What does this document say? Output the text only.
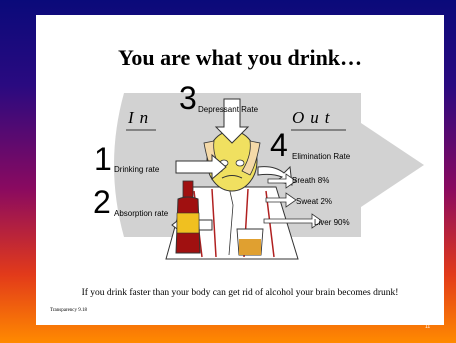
You are what you drink…
In	Out
1 Drinking rate
2 Absorption rate
3 Depressant Rate
4 Elimination Rate
Breath 8%
Sweat 2%
Liver 90%

If you drink faster than your body can get rid of alcohol your brain becomes drunk!

Transparency 9.18
11
